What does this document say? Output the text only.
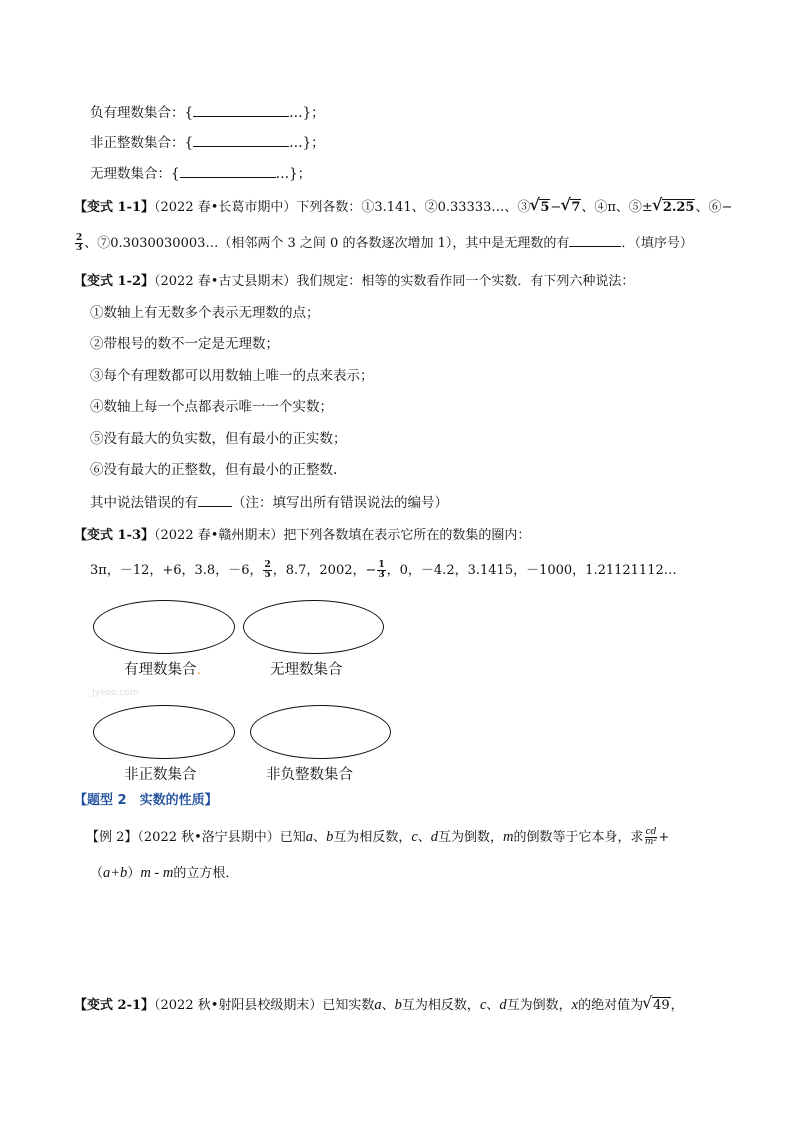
负有理数集合：{	…}；
非正整数集合：{	…}；
无理数集合：{	…}；
【变式 1-1】（2022 春•长葛市期中）下列各数：①3.141、②0.33333…、③ √ 5− √ 7、④π、⑤± √ 2.25、⑥−
$\frac{2}{3}$ 、⑦0.3030030003…（相邻两个 3 之间 0 的各数逐次增加 1），其中是无理数的有	．（填序号）
【变式 1-2】（2022 春•古丈县期末）我们规定：相等的实数看作同一个实数．有下列六种说法：
①数轴上有无数多个表示无理数的点；
②带根号的数不一定是无理数；
③每个有理数都可以用数轴上唯一的点来表示；
④数轴上每一个点都表示唯一一个实数；
⑤没有最大的负实数，但有最小的正实数；
⑥没有最大的正整数，但有最小的正整数.
其中说法错误的有	（注：填写出所有错误说法的编号）
【变式 1-3】（2022 春•赣州期末）把下列各数填在表示它所在的数集的圈内：
3π，－12，+6，3.8，－6， $\frac{2}{5}$ ，8.7，2002，− $\frac{1}{3}$ ，0，－4.2，3.1415，－1000，1.21121112…
有理数集合.	无理数集合
Jyeoo.com
非正数集合	非负整数集合
【题型 2　实数的性质】
【例 2】（2022 秋•洛宁县期中）已知a、b互为相反数，c、d互为倒数，m的倒数等于它本身，求 $\frac{cd}{\text{m²}}$ +
（a+b）m - m的立方根．
【变式 2-1】（2022 秋•射阳县校级期末）已知实数a、b互为相反数，c、d互为倒数，x的绝对值为 √ 49，
